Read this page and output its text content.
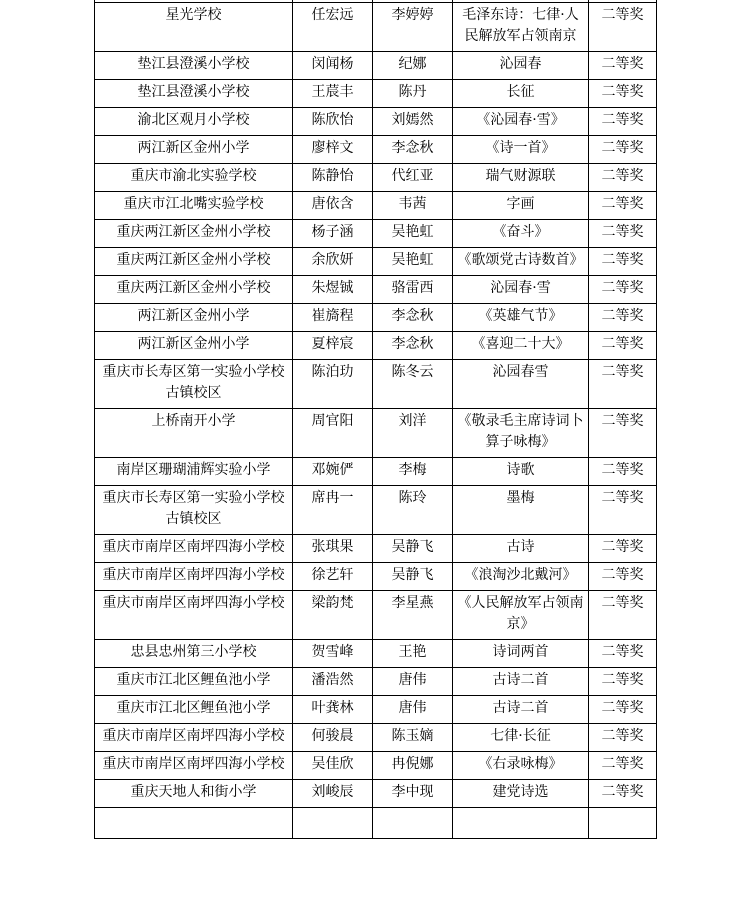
星光学校	任宏远	李婷婷	毛泽东诗：七律·人民解放军占领南京	二等奖
垫江县澄溪小学校	闵闻杨	纪娜	沁园春	二等奖
垫江县澄溪小学校	王莀丰	陈丹	长征	二等奖
渝北区观月小学校	陈欣怡	刘嫣然	《沁园春·雪》	二等奖
两江新区金州小学	廖梓文	李念秋	《诗一首》	二等奖
重庆市渝北实验学校	陈静怡	代红亚	瑞气财源联	二等奖
重庆市江北嘴实验学校	唐依含	韦茜	字画	二等奖
重庆两江新区金州小学校	杨子涵	吴艳虹	《奋斗》	二等奖
重庆两江新区金州小学校	余欣妍	吴艳虹	《歌颂党古诗数首》	二等奖
重庆两江新区金州小学校	朱煜铖	骆雷西	沁园春·雪	二等奖
两江新区金州小学	崔旖程	李念秋	《英雄气节》	二等奖
两江新区金州小学	夏梓宸	李念秋	《喜迎二十大》	二等奖
重庆市长寿区第一实验小学校古镇校区	陈泊玏	陈冬云	沁园春雪	二等奖
上桥南开小学	周官阳	刘洋	《敬录毛主席诗词卜算子咏梅》	二等奖
南岸区珊瑚浦辉实验小学	邓婉俨	李梅	诗歌	二等奖
重庆市长寿区第一实验小学校古镇校区	席冉一	陈玲	墨梅	二等奖
重庆市南岸区南坪四海小学校	张琪果	吴静飞	古诗	二等奖
重庆市南岸区南坪四海小学校	徐艺轩	吴静飞	《浪淘沙北戴河》	二等奖
重庆市南岸区南坪四海小学校	梁韵梵	李星燕	《人民解放军占领南京》	二等奖
忠县忠州第三小学校	贺雪峰	王艳	诗词两首	二等奖
重庆市江北区鲤鱼池小学	潘浩然	唐伟	古诗二首	二等奖
重庆市江北区鲤鱼池小学	叶龚林	唐伟	古诗二首	二等奖
重庆市南岸区南坪四海小学校	何骏晨	陈玉嫡	七律·长征	二等奖
重庆市南岸区南坪四海小学校	吴佳欣	冉倪娜	《右录咏梅》	二等奖
重庆天地人和街小学	刘峻辰	李中现	建党诗选	二等奖
